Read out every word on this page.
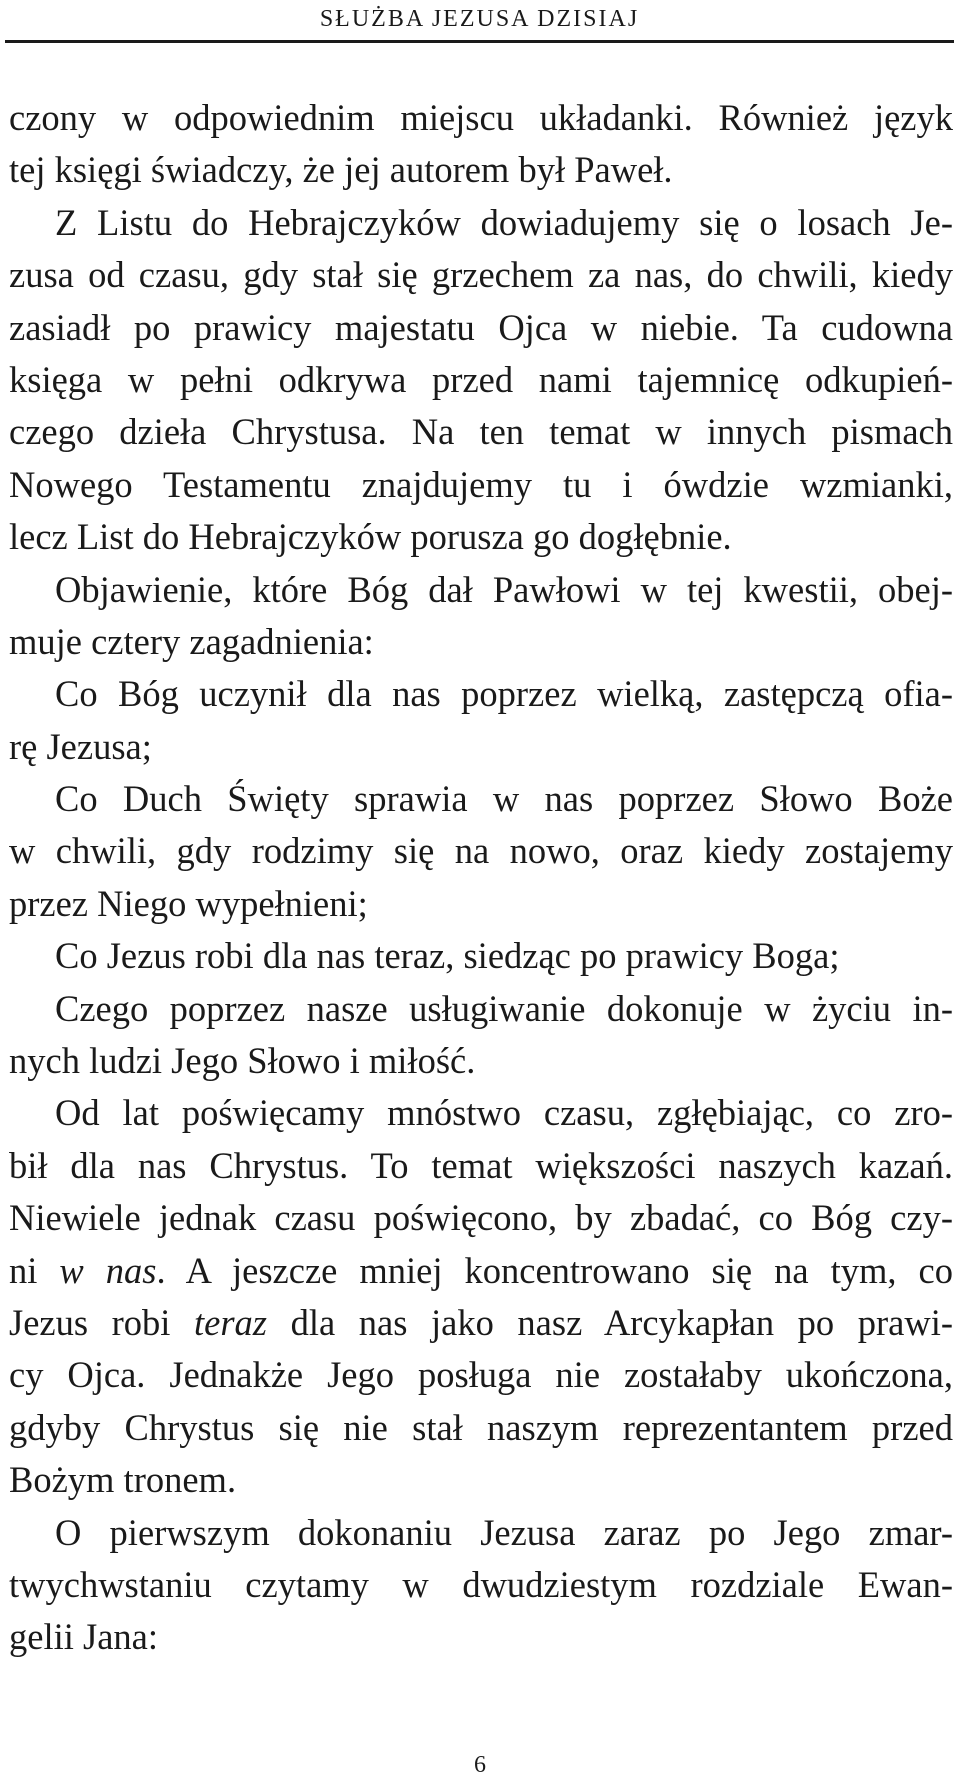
SŁUŻBA JEZUSA DZISIAJ
czony w odpowiednim miejscu układanki. Również język
tej księgi świadczy, że jej autorem był Paweł.
Z Listu do Hebrajczyków dowiadujemy się o losach Je-
zusa od czasu, gdy stał się grzechem za nas, do chwili, kiedy
zasiadł po prawicy majestatu Ojca w niebie. Ta cudowna
księga w pełni odkrywa przed nami tajemnicę odkupień-
czego dzieła Chrystusa. Na ten temat w innych pismach
Nowego Testamentu znajdujemy tu i ówdzie wzmianki,
lecz List do Hebrajczyków porusza go dogłębnie.
Objawienie, które Bóg dał Pawłowi w tej kwestii, obej-
muje cztery zagadnienia:
Co Bóg uczynił dla nas poprzez wielką, zastępczą ofia-
rę Jezusa;
Co Duch Święty sprawia w nas poprzez Słowo Boże
w chwili, gdy rodzimy się na nowo, oraz kiedy zostajemy
przez Niego wypełnieni;
Co Jezus robi dla nas teraz, siedząc po prawicy Boga;
Czego poprzez nasze usługiwanie dokonuje w życiu in-
nych ludzi Jego Słowo i miłość.
Od lat poświęcamy mnóstwo czasu, zgłębiając, co zro-
bił dla nas Chrystus. To temat większości naszych kazań.
Niewiele jednak czasu poświęcono, by zbadać, co Bóg czy-
ni w nas. A jeszcze mniej koncentrowano się na tym, co
Jezus robi teraz dla nas jako nasz Arcykapłan po prawi-
cy Ojca. Jednakże Jego posługa nie zostałaby ukończona,
gdyby Chrystus się nie stał naszym reprezentantem przed
Bożym tronem.
O pierwszym dokonaniu Jezusa zaraz po Jego zmar-
twychwstaniu czytamy w dwudziestym rozdziale Ewan-
gelii Jana:
6
